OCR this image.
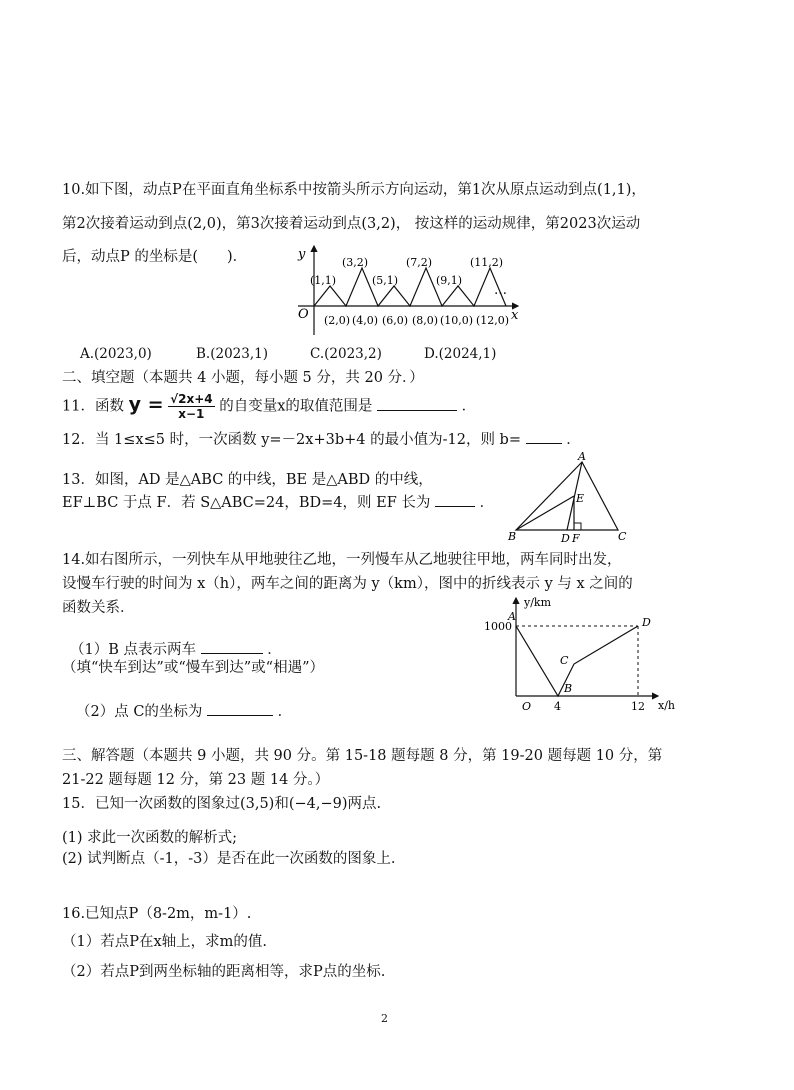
10.如下图，动点P在平面直角坐标系中按箭头所示方向运动，第1次从原点运动到点(1,1)，
第2次接着运动到点(2,0)，第3次接着运动到点(3,2)， 按这样的运动规律，第2023次运动
后，动点P 的坐标是(　　)．	y
x
O
…
(1,1)
(3,2)
(5,1)
(7,2)
(9,1)
(11,2)
(2,0) (4,0) (6,0) (8,0) (10,0) (12,0)
A.(2023,0)	B.(2023,1)	C.(2023,2)	D.(2024,1)
二、填空题（本题共 4 小题，每小题 5 分，共 20 分．）
11．函数 $y = \frac{√2x+4}{x-1}$ 的自变量x的取值范围是	．
12．当 1≤x≤5 时，一次函数 y=－2x+3b+4 的最小值为-12，则 b=	．
13．如图，AD 是△ABC 的中线，BE 是△ABD 的中线，
EF⊥BC 于点 F．若 S△ABC=24，BD=4，则 EF 长为	．
A
B	C
D
E
F
14.如右图所示，一列快车从甲地驶往乙地，一列慢车从乙地驶往甲地，两车同时出发，
设慢车行驶的时间为 x（h），两车之间的距离为 y（km），图中的折线表示 y 与 x 之间的
函数关系．
（1）B 点表示两车	．
（填“快车到达”或“慢车到达”或“相遇”）
（2）点 C的坐标为	．
y/km
x/h
1000
A
O 4	12
B
C
D
三、解答题（本题共 9 小题，共 90 分。第 15-18 题每题 8 分，第 19-20 题每题 10 分，第
21-22 题每题 12 分，第 23 题 14 分。）
15．已知一次函数的图象过(3,5)和(−4,−9)两点.
(1) 求此一次函数的解析式;
(2) 试判断点（-1，-3）是否在此一次函数的图象上.
16.已知点P（8-2m，m-1）.
（1）若点P在x轴上，求m的值.
（2）若点P到两坐标轴的距离相等，求P点的坐标.
2
